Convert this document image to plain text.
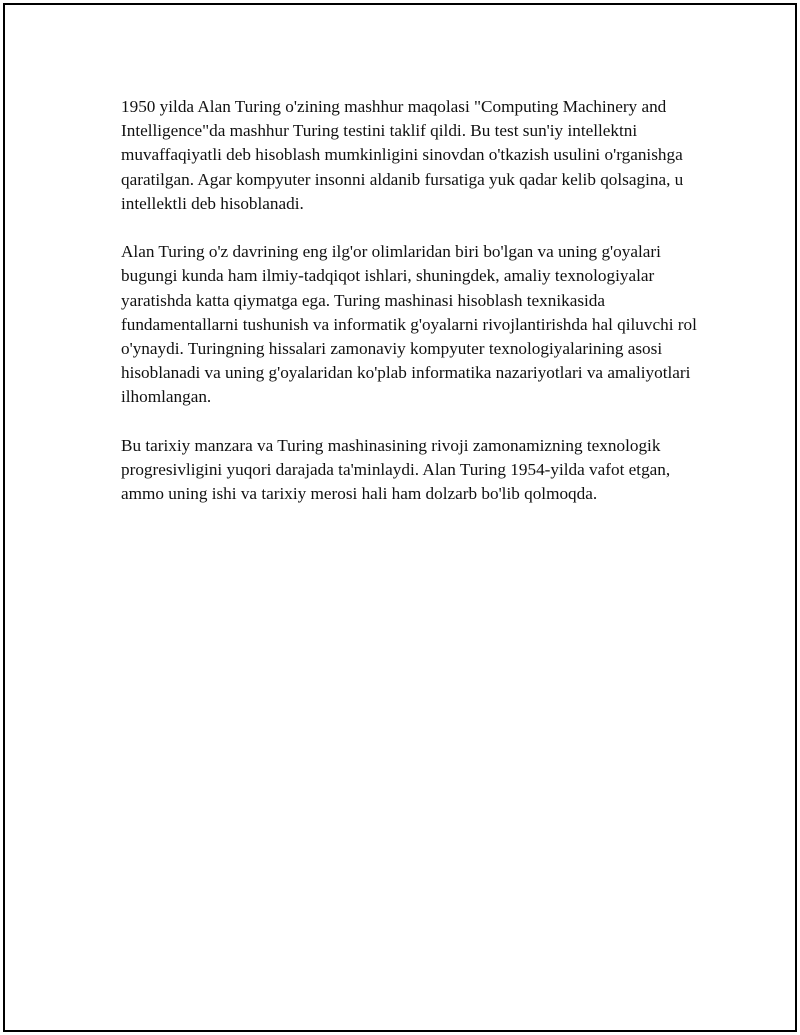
1950 yilda Alan Turing o'zining mashhur maqolasi "Computing Machinery and Intelligence"da mashhur Turing testini taklif qildi. Bu test sun'iy intellektni muvaffaqiyatli deb hisoblash mumkinligini sinovdan o'tkazish usulini o'rganishga qaratilgan. Agar kompyuter insonni aldanib fursatiga yuk qadar kelib qolsagina, u intellektli deb hisoblanadi.

Alan Turing o'z davrining eng ilg'or olimlaridan biri bo'lgan va uning g'oyalari bugungi kunda ham ilmiy-tadqiqot ishlari, shuningdek, amaliy texnologiyalar yaratishda katta qiymatga ega. Turing mashinasi hisoblash texnikasida fundamentallarni tushunish va informatik g'oyalarni rivojlantirishda hal qiluvchi rol o'ynaydi. Turingning hissalari zamonaviy kompyuter texnologiyalarining asosi hisoblanadi va uning g'oyalaridan ko'plab informatika nazariyotlari va amaliyotlari ilhomlangan.

Bu tarixiy manzara va Turing mashinasining rivoji zamonamizning texnologik progresivligini yuqori darajada ta'minlaydi. Alan Turing 1954-yilda vafot etgan, ammo uning ishi va tarixiy merosi hali ham dolzarb bo'lib qolmoqda.
